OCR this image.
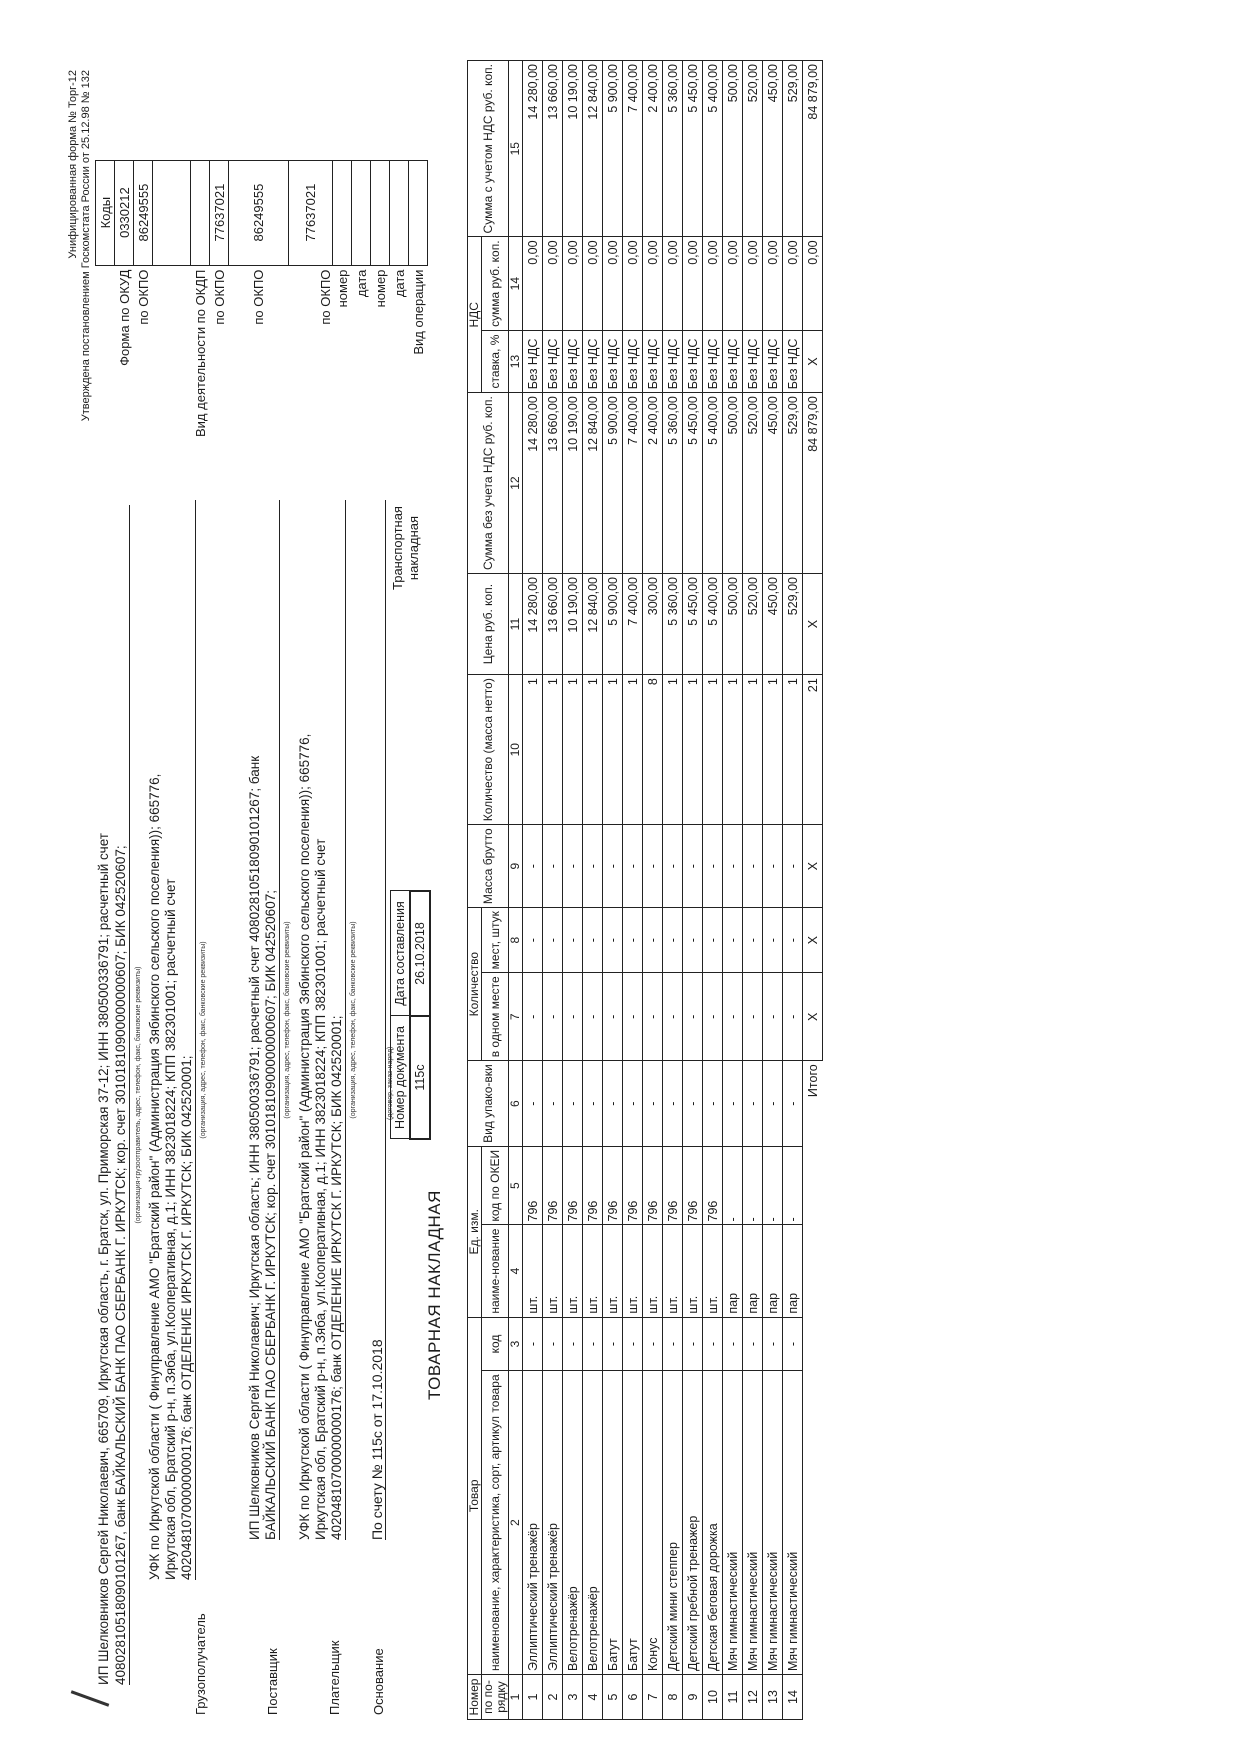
Унифицированная форма № Торг-12 Утверждена постановлением Госкомстата России от 25.12.98 № 132
ИП Шелковников Сергей Николаевич, 665709, Иркутская область, г. Братск, ул. Приморская 37-12; ИНН 380500336791; расчетный счет 40802810518090101267, банк БАЙКАЛЬСКИЙ БАНК ПАО СБЕРБАНК Г. ИРКУТСК; кор. счет 30101810900000000607; БИК 042520607;	(организация-грузоотправитель, адрес, телефон, факс, банковские реквизиты)
Грузополучатель
УФК по Иркутской области ( Финуправление АМО "Братский район" (Администрация Зябинского сельского поселения)); 665776, Иркутская обл, Братский р-н, п.Зяба, ул.Кооперативная, д.1; ИНН 3823018224; КПП 382301001; расчетный счет 40204810700000000176; банк ОТДЕЛЕНИЕ ИРКУТСК Г. ИРКУТСК; БИК 042520001;
(организация, адрес, телефон, факс, банковские реквизиты)
Поставщик
ИП Шелковников Сергей Николаевич; Иркутская область; ИНН 380500336791; расчетный счет 40802810518090101267; банк БАЙКАЛЬСКИЙ БАНК ПАО СБЕРБАНК Г. ИРКУТСК; кор. счет 30101810900000000607; БИК 042520607; (организация, адрес, телефон, факс, банковские реквизиты)
Плательщик
УФК по Иркутской области ( Финуправление АМО "Братский район" (Администрация Зябинского сельского поселения)); 665776, Иркутская обл, Братский р-н, п.Зяба, ул.Кооперативная, д.1; ИНН 3823018224; КПП 382301001; расчетный счет 40204810700000000176; банк ОТДЕЛЕНИЕ ИРКУТСК Г. ИРКУТСК; БИК 042520001; (организация, адрес, телефон, факс, банковские реквизиты)
Основание
По счету № 115с от 17.10.2018
(договор, заказ-наряд)
	Коды
Форма по ОКУД	0330212
по ОКПО	86249555

Вид деятельности по ОКДП	
по ОКПО	77637021
по ОКПО	86249555
по ОКПО	77637021
номер	
дата	
номер	
дата	
Вид операции	
Транспортная накладная
ТОВАРНАЯ НАКЛАДНАЯ
Номер документа	Дата составления
115с	26.10.2018
Номер	Товар		Ед. изм.		Вид упако-вки	Количество		Масса брутто	Количество (масса нетто)	Цена руб. коп.	Сумма без учета НДС руб. коп.	НДС		Сумма с учетом НДС руб. коп.
по по-
рядку	наименование, характеристика, сорт, артикул товара	код	наиме-нование	код по ОКЕИ		в одном месте	мест, штук					ставка, %	сумма руб. коп.	
1	2	3	4	5	6	7	8	9	10	11	12	13	14	15
1	Эллиптический тренажёр	-	шт.	796	-	-	-	-	1	14 280,00	14 280,00	Без НДС	0,00	14 280,00
2	Эллиптический тренажёр	-	шт.	796	-	-	-	-	1	13 660,00	13 660,00	Без НДС	0,00	13 660,00
3	Велотренажёр	-	шт.	796	-	-	-	-	1	10 190,00	10 190,00	Без НДС	0,00	10 190,00
4	Велотренажёр	-	шт.	796	-	-	-	-	1	12 840,00	12 840,00	Без НДС	0,00	12 840,00
5	Батут	-	шт.	796	-	-	-	-	1	5 900,00	5 900,00	Без НДС	0,00	5 900,00
6	Батут	-	шт.	796	-	-	-	-	1	7 400,00	7 400,00	Без НДС	0,00	7 400,00
7	Конус	-	шт.	796	-	-	-	-	8	300,00	2 400,00	Без НДС	0,00	2 400,00
8	Детский мини степпер	-	шт.	796	-	-	-	-	1	5 360,00	5 360,00	Без НДС	0,00	5 360,00
9	Детский гребной тренажер	-	шт.	796	-	-	-	-	1	5 450,00	5 450,00	Без НДС	0,00	5 450,00
10	Детская беговая дорожка	-	шт.	796	-	-	-	-	1	5 400,00	5 400,00	Без НДС	0,00	5 400,00
11	Мяч гимнастический	-	пар	-	-	-	-	-	1	500,00	500,00	Без НДС	0,00	500,00
12	Мяч гимнастический	-	пар	-	-	-	-	-	1	520,00	520,00	Без НДС	0,00	520,00
13	Мяч гимнастический	-	пар	-	-	-	-	-	1	450,00	450,00	Без НДС	0,00	450,00
14	Мяч гимнастический	-	пар	-	-	-	-	-	1	529,00	529,00	Без НДС	0,00	529,00
					Итого	X	X	X	21	X	84 879,00	X	0,00	84 879,00
